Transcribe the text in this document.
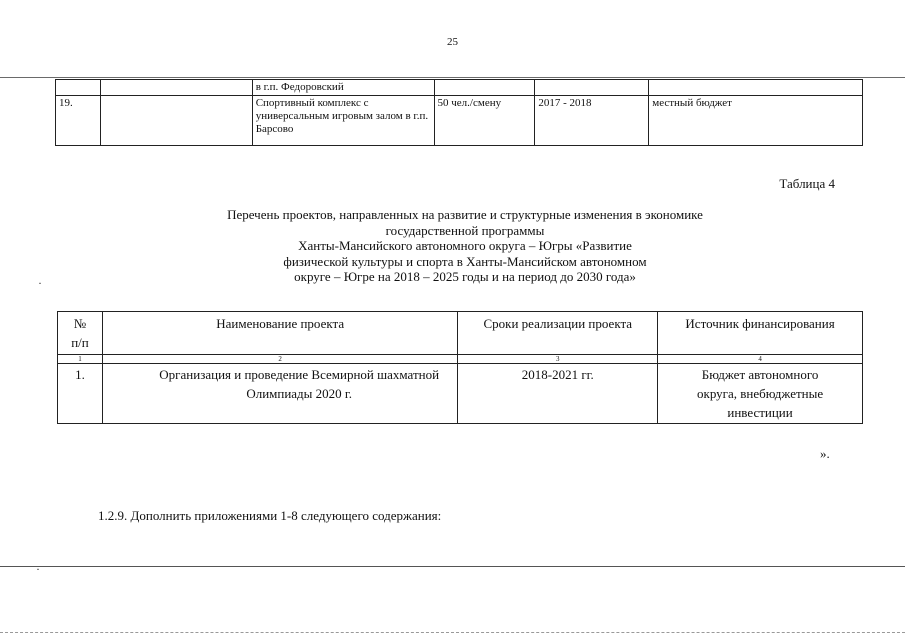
25
		в г.п. Федоровский			
19.		Спортивный комплекс с универсальным игровым залом в г.п. Барсово	50 чел./смену	2017 - 2018	местный бюджет
Таблица 4
Перечень проектов, направленных на развитие и структурные изменения в экономике
государственной программы
Ханты-Мансийского автономного округа – Югры «Развитие
физической культуры и спорта в Ханты-Мансийском автономном
округе – Югре на 2018 – 2025 годы и на период до 2030 года»
№
п/п	Наименование проекта	Сроки реализации проекта	Источник финансирования
1	2	3	4
1.	Организация и проведение Всемирной шахматной Олимпиады 2020 г.	2018-2021 гг.	Бюджет автономного округа, внебюджетные инвестиции
».
1.2.9. Дополнить приложениями 1-8 следующего содержания:
·
·
